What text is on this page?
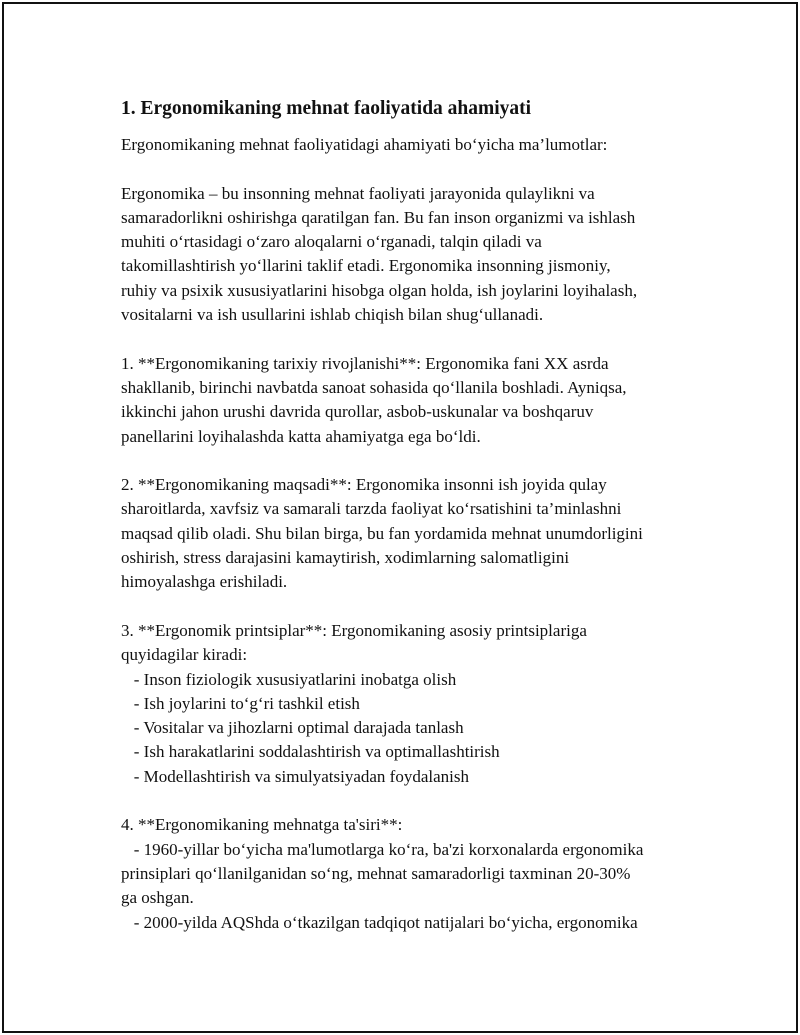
1. Ergonomikaning mehnat faoliyatida ahamiyati
Ergonomikaning mehnat faoliyatidagi ahamiyati bo‘yicha ma’lumotlar:
Ergonomika – bu insonning mehnat faoliyati jarayonida qulaylikni va
samaradorlikni oshirishga qaratilgan fan. Bu fan inson organizmi va ishlash
muhiti o‘rtasidagi o‘zaro aloqalarni o‘rganadi, talqin qiladi va
takomillashtirish yo‘llarini taklif etadi. Ergonomika insonning jismoniy,
ruhiy va psixik xususiyatlarini hisobga olgan holda, ish joylarini loyihalash,
vositalarni va ish usullarini ishlab chiqish bilan shug‘ullanadi.
1. **Ergonomikaning tarixiy rivojlanishi**: Ergonomika fani XX asrda
shakllanib, birinchi navbatda sanoat sohasida qo‘llanila boshladi. Ayniqsa,
ikkinchi jahon urushi davrida qurollar, asbob-uskunalar va boshqaruv
panellarini loyihalashda katta ahamiyatga ega bo‘ldi.
2. **Ergonomikaning maqsadi**: Ergonomika insonni ish joyida qulay
sharoitlarda, xavfsiz va samarali tarzda faoliyat ko‘rsatishini ta’minlashni
maqsad qilib oladi. Shu bilan birga, bu fan yordamida mehnat unumdorligini
oshirish, stress darajasini kamaytirish, xodimlarning salomatligini
himoyalashga erishiladi.
3. **Ergonomik printsiplar**: Ergonomikaning asosiy printsiplariga
quyidagilar kiradi:
- Inson fiziologik xususiyatlarini inobatga olish
- Ish joylarini to‘g‘ri tashkil etish
- Vositalar va jihozlarni optimal darajada tanlash
- Ish harakatlarini soddalashtirish va optimallashtirish
- Modellashtirish va simulyatsiyadan foydalanish
4. **Ergonomikaning mehnatga ta'siri**:
- 1960-yillar bo‘yicha ma'lumotlarga ko‘ra, ba'zi korxonalarda ergonomika
prinsiplari qo‘llanilganidan so‘ng, mehnat samaradorligi taxminan 20-30%
ga oshgan.
- 2000-yilda AQShda o‘tkazilgan tadqiqot natijalari bo‘yicha, ergonomika
